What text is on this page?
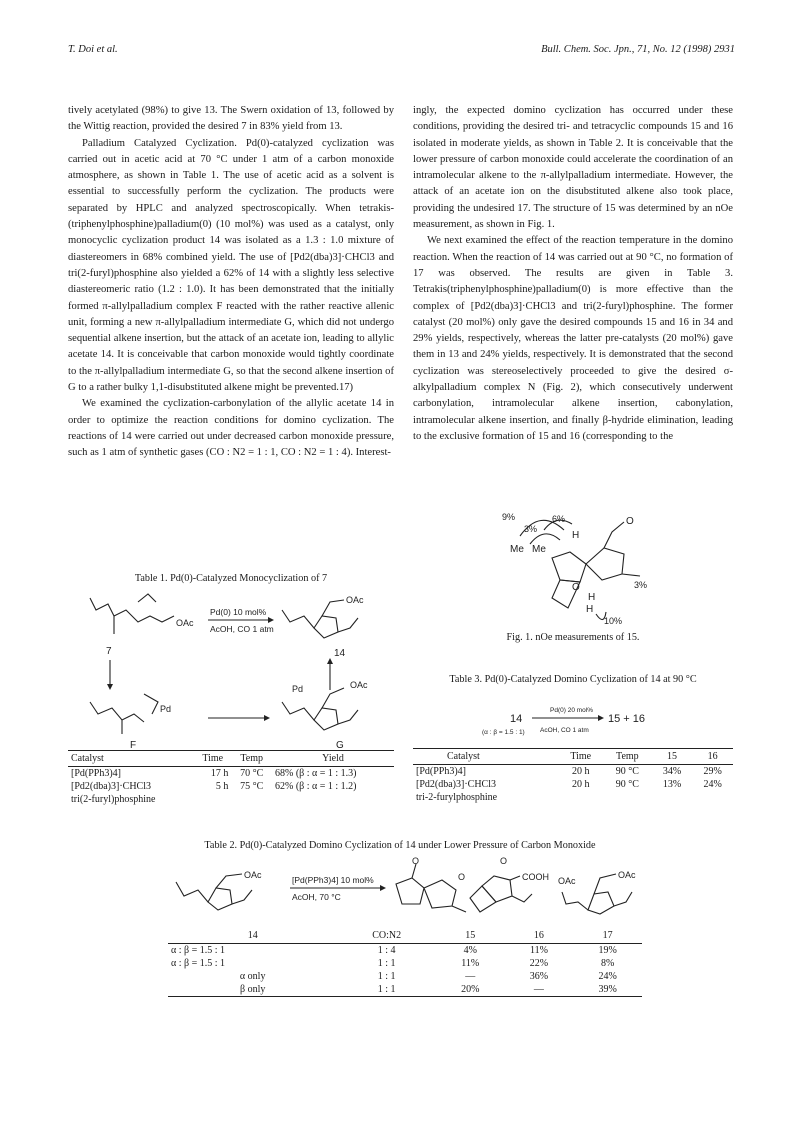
T. Doi et al.	Bull. Chem. Soc. Jpn., 71, No. 12 (1998) 2931

tively acetylated (98%) to give 13. The Swern oxidation of 13, followed by the Wittig reaction, provided the desired 7 in 83% yield from 13.

Palladium Catalyzed Cyclization. Pd(0)-catalyzed cyclization was carried out in acetic acid at 70 °C under 1 atm of a carbon monoxide atmosphere, as shown in Table 1. The use of acetic acid as a solvent is essential to successfully perform the cyclization. The products were separated by HPLC and analyzed spectroscopically. When tetrakis-(triphenylphosphine)palladium(0) (10 mol%) was used as a catalyst, only monocyclic cyclization product 14 was isolated as a 1.3 : 1.0 mixture of diastereomers in 68% combined yield. The use of [Pd2(dba)3]·CHCl3 and tri(2-furyl)phosphine also yielded a 62% of 14 with a slightly less selective diastereomeric ratio (1.2 : 1.0). It has been demonstrated that the initially formed π-allylpalladium complex F reacted with the rather reactive allenic unit, forming a new π-allylpalladium intermediate G, which did not undergo sequential alkene insertion, but the attack of an acetate ion, leading to allylic acetate 14. It is conceivable that carbon monoxide would tightly coordinate to the π-allylpalladium intermediate G, so that the second alkene insertion of G to a rather bulky 1,1-disubstituted alkene might be prevented.17)

We examined the cyclization-carbonylation of the allylic acetate 14 in order to optimize the reaction conditions for domino cyclization. The reactions of 14 were carried out under decreased carbon monoxide pressure, such as 1 atm of synthetic gases (CO : N2 = 1 : 1, CO : N2 = 1 : 4). Interest-

ingly, the expected domino cyclization has occurred under these conditions, providing the desired tri- and tetracyclic compounds 15 and 16 isolated in moderate yields, as shown in Table 2. It is conceivable that the lower pressure of carbon monoxide could accelerate the coordination of an intramolecular alkene to the π-allylpalladium intermediate. However, the attack of an acetate ion on the disubstituted alkene also took place, providing the undesired 17. The structure of 15 was determined by an nOe measurement, as shown in Fig. 1.

We next examined the effect of the reaction temperature in the domino reaction. When the reaction of 14 was carried out at 90 °C, no formation of 17 was observed. The results are given in Table 3. Tetrakis(triphenylphosphine)palladium(0) is more effective than the complex of [Pd2(dba)3]·CHCl3 and tri(2-furyl)phosphine. The former catalyst (20 mol%) only gave the desired compounds 15 and 16 in 34 and 29% yields, respectively, whereas the latter pre-catalysts (20 mol%) gave them in 13 and 24% yields, respectively. It is demonstrated that the second cyclization was stereoselectively proceeded to give the desired σ-alkylpalladium complex N (Fig. 2), which consecutively underwent carbonylation, intramolecular alkene insertion, cabonylation, intramolecular alkene insertion, and finally β-hydride elimination, leading to the exclusive formation of 15 and 16 (corresponding to the

Table 1. Pd(0)-Catalyzed Monocyclization of 7
OAc
7
Pd(0) 10 mol%
AcOH, CO 1 atm
OAc
14
Pd
F
Pd	OAc
G
Catalyst	Time	Temp	Yield
[Pd(PPh3)4]	17 h	70 °C	68% (β : α = 1 : 1.3)
[Pd2(dba)3]·CHCl3	5 h	75 °C	62% (β : α = 1 : 1.2)
tri(2-furyl)phosphine			
9%	6%
3%
Me Me
H
O
O	3%
H
H
10%
Fig. 1. nOe measurements of 15.
Table 3. Pd(0)-Catalyzed Domino Cyclization of 14 at 90 °C
14
(α : β = 1.5 : 1)
Pd(0) 20 mol%
AcOH, CO 1 atm
15 + 16
Catalyst	Time	Temp	15	16
[Pd(PPh3)4]	20 h	90 °C	34%	29%
[Pd2(dba)3]·CHCl3	20 h	90 °C	13%	24%
tri-2-furylphosphine				
Table 2. Pd(0)-Catalyzed Domino Cyclization of 14 under Lower Pressure of Carbon Monoxide
OAc	[Pd(PPh3)4] 10 mol%
AcOH, 70 °C
O
O
O
COOH OAc
OAc
14	CO:N2	15	16	17
α : β = 1.5 : 1	1 : 4	4%	11%	19%
α : β = 1.5 : 1	1 : 1	11%	22%	8%
α only	1 : 1	—	36%	24%
β only	1 : 1	20%	—	39%
